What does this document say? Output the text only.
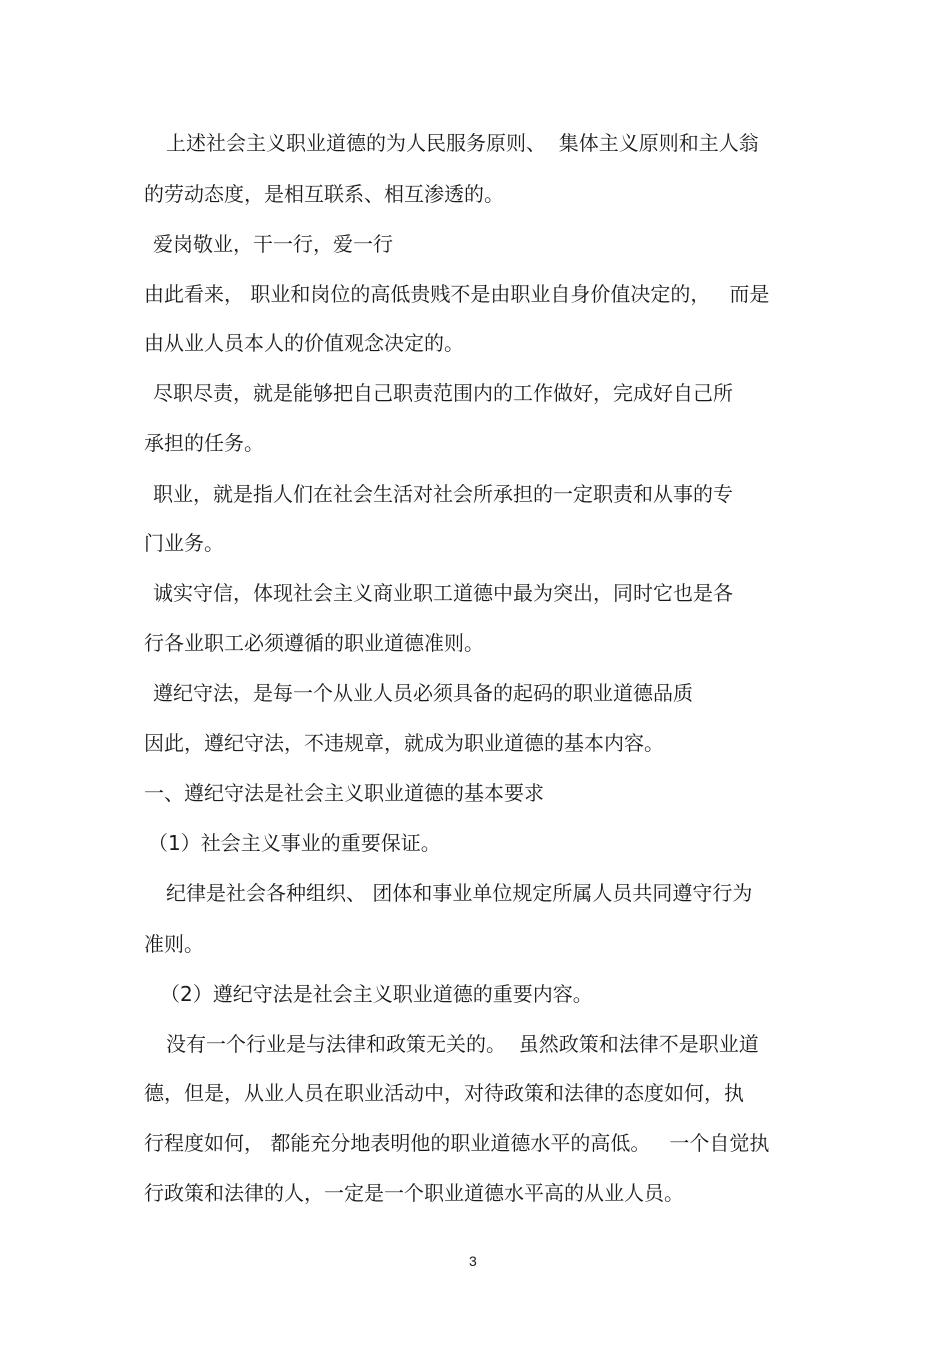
上述社会主义职业道德的为人民服务原则、  集体主义原则和主人翁

的劳动态度，是相互联系、相互渗透的。

爱岗敬业，干一行，爱一行

由此看来， 职业和岗位的高低贵贱不是由职业自身价值决定的，   而是

由从业人员本人的价值观念决定的。

尽职尽责，就是能够把自己职责范围内的工作做好，完成好自己所

承担的任务。

职业，就是指人们在社会生活对社会所承担的一定职责和从事的专

门业务。

诚实守信，体现社会主义商业职工道德中最为突出，同时它也是各

行各业职工必须遵循的职业道德准则。

遵纪守法，是每一个从业人员必须具备的起码的职业道德品质

因此，遵纪守法，不违规章，就成为职业道德的基本内容。

一、遵纪守法是社会主义职业道德的基本要求

（1）社会主义事业的重要保证。

纪律是社会各种组织、 团体和事业单位规定所属人员共同遵守行为

准则。

（2）遵纪守法是社会主义职业道德的重要内容。

没有一个行业是与法律和政策无关的。  虽然政策和法律不是职业道

德，但是，从业人员在职业活动中，对待政策和法律的态度如何，执

行程度如何， 都能充分地表明他的职业道德水平的高低。   一个自觉执

行政策和法律的人，一定是一个职业道德水平高的从业人员。

3
